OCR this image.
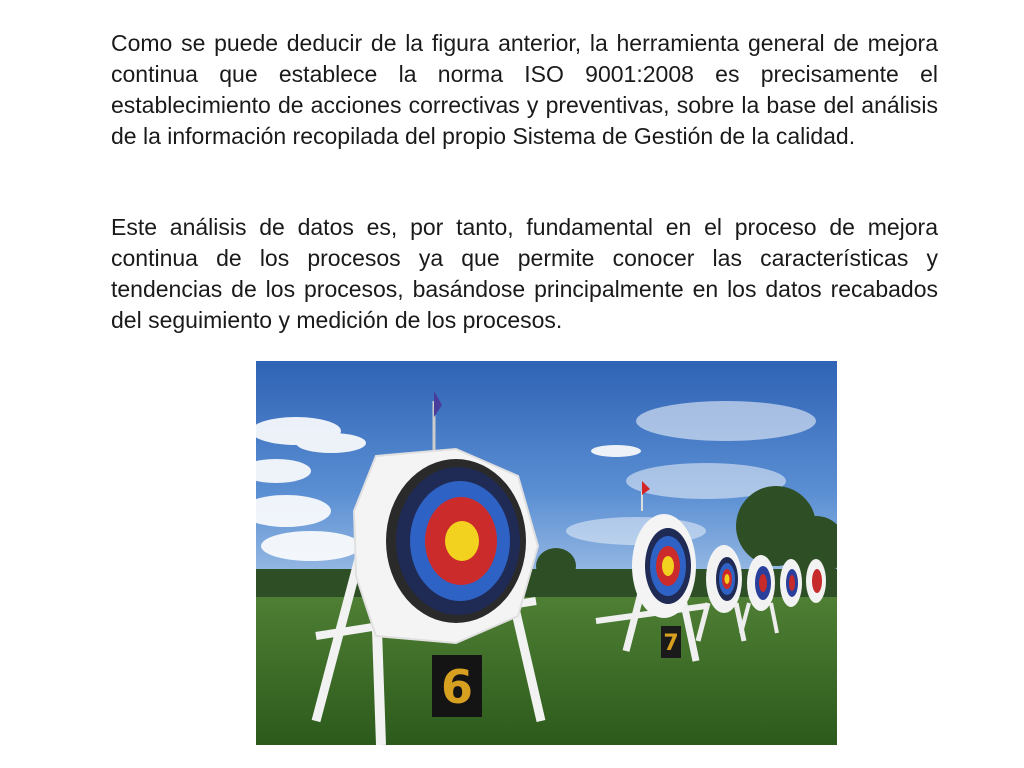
Como se puede deducir de la figura anterior, la herramienta general de mejora continua que establece la norma ISO 9001:2008 es precisamente el establecimiento de acciones correctivas y preventivas, sobre la base del análisis de la información recopilada del propio Sistema de Gestión de la calidad.

Este análisis de datos es, por tanto, fundamental en el proceso de mejora continua de los procesos ya que permite conocer las características y tendencias de los procesos, basándose principalmente en los datos recabados del seguimiento y medición de los procesos.

7
6
